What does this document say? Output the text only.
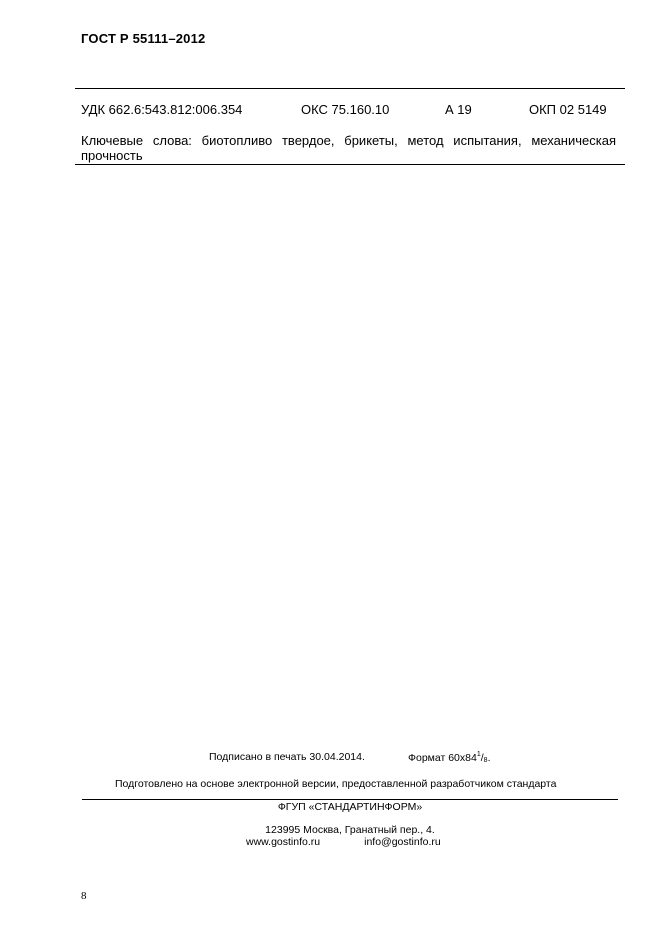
ГОСТ Р 55111–2012
УДК 662.6:543.812:006.354	ОКС 75.160.10	А 19	ОКП 02 5149
Ключевые слова: биотопливо твердое, брикеты, метод испытания, механическая прочность
Подписано в печать 30.04.2014.	Формат $60х84^1/_8$.
Подготовлено на основе электронной версии, предоставленной разработчиком стандарта
ФГУП «СТАНДАРТИНФОРМ»
123995 Москва, Гранатный пер., 4.
www.gostinfo.ru	info@gostinfo.ru
8
